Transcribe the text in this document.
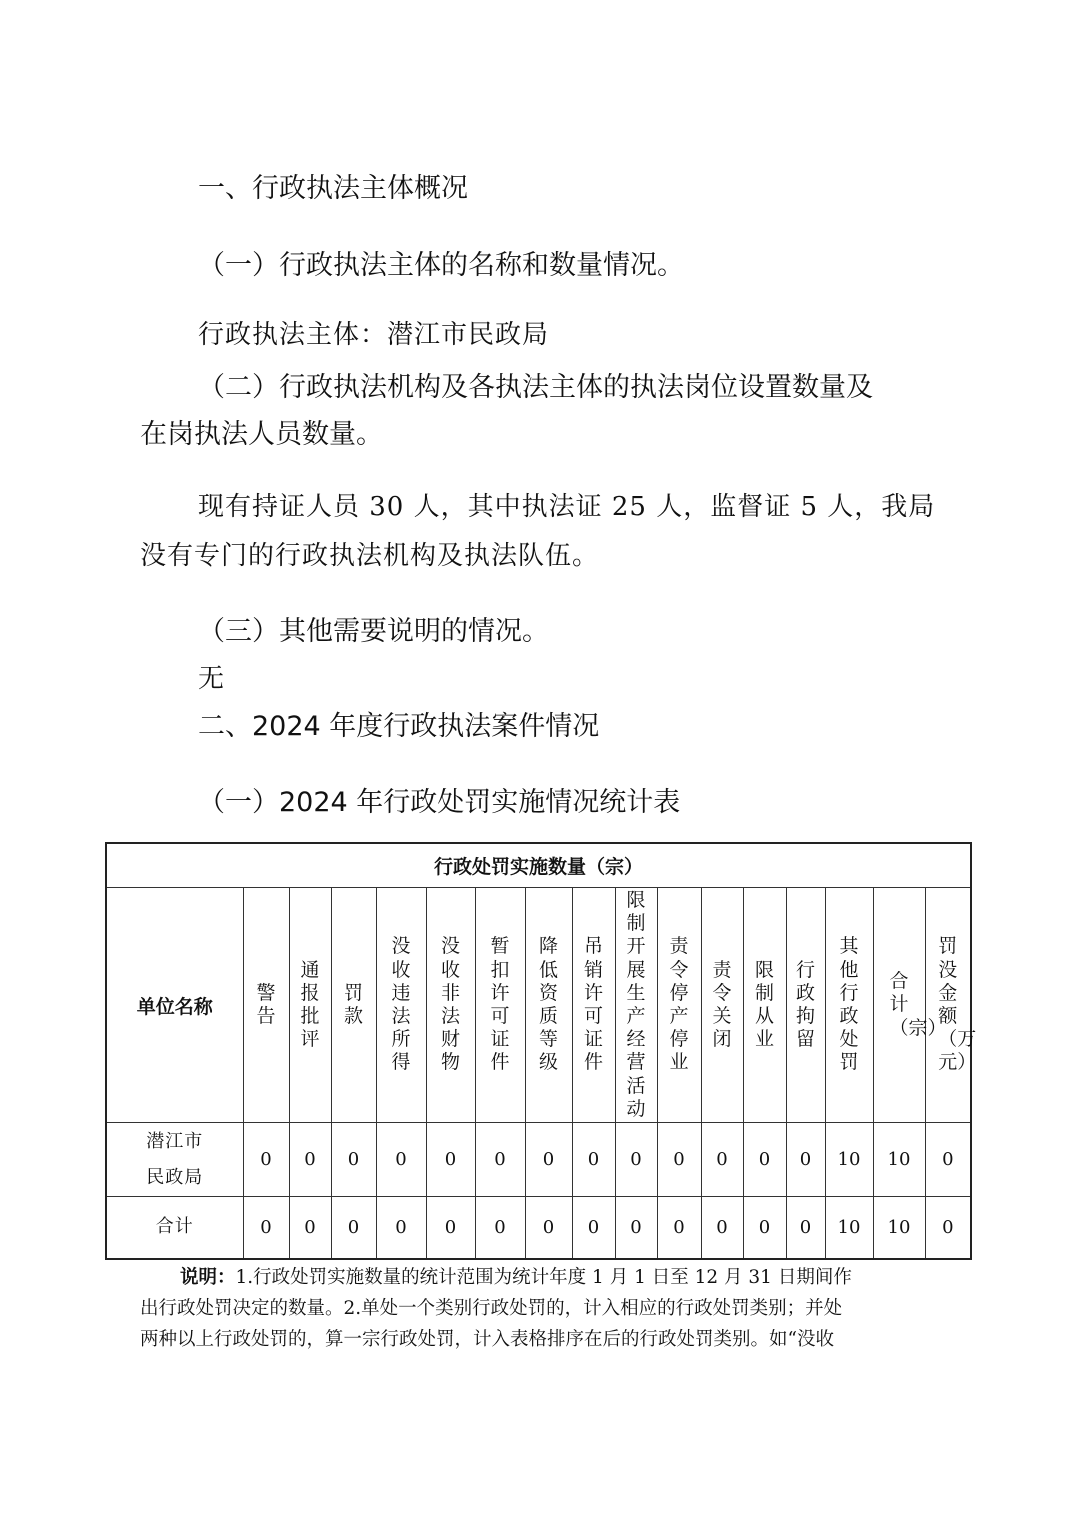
一、行政执法主体概况
（一）行政执法主体的名称和数量情况。
行政执法主体：潜江市民政局
（二）行政执法机构及各执法主体的执法岗位设置数量及
在岗执法人员数量。
现有持证人员 30 人，其中执法证 25 人，监督证 5 人，我局
没有专门的行政执法机构及执法队伍。
（三）其他需要说明的情况。
无
二、2024 年度行政执法案件情况
（一）2024 年行政处罚实施情况统计表
行政处罚实施数量（宗）																
单位名称	警告	通报批评	罚款	没收违法所得	没收非法财物	暂扣许可证件	降低资质等级	吊销许可证件	限制开展生产经营活动	责令停产停业	责令关闭	限制从业	行政拘留	其他行政处罚	合计 （宗）	罚没金额（万元）

潜江市
民政局	0	0	0	0	0	0	0	0	0	0	0	0	0	10	10	0

合计	0	0	0	0	0	0	0	0	0	0	0	0	0	10	10	0
说明：1.行政处罚实施数量的统计范围为统计年度 1 月 1 日至 12 月 31 日期间作
出行政处罚决定的数量。2.单处一个类别行政处罚的，计入相应的行政处罚类别；并处
两种以上行政处罚的，算一宗行政处罚，计入表格排序在后的行政处罚类别。如“没收
